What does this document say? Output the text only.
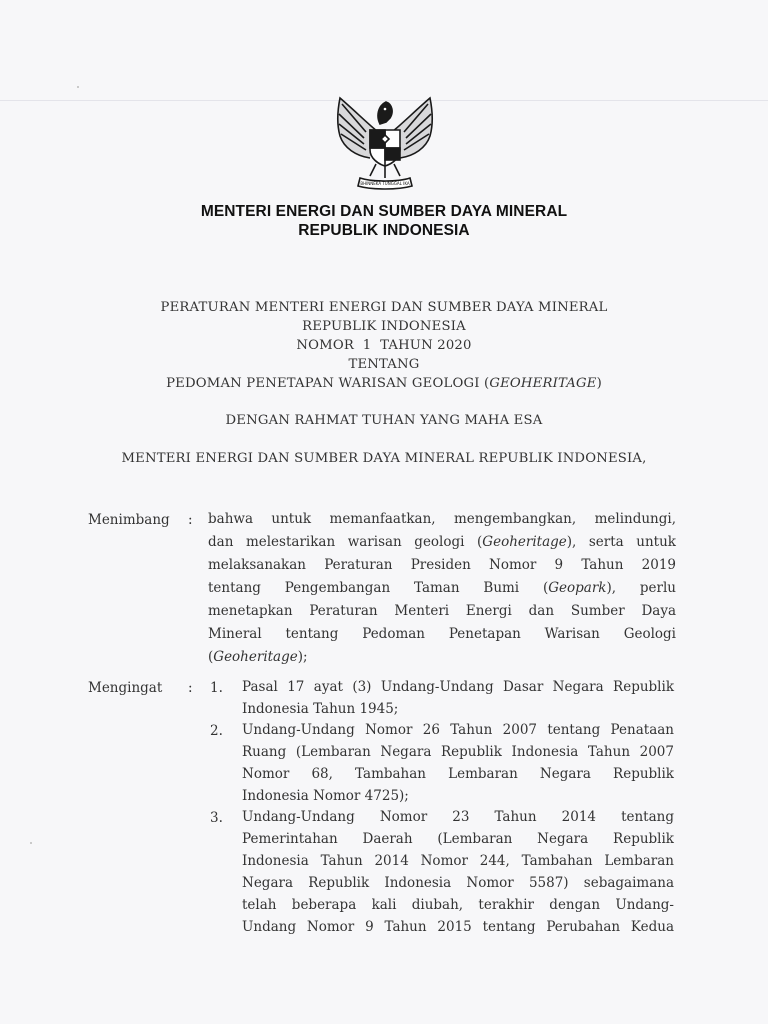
BHINNEKA TUNGGAL IKA
MENTERI ENERGI DAN SUMBER DAYA MINERAL
REPUBLIK INDONESIA
PERATURAN MENTERI ENERGI DAN SUMBER DAYA MINERAL
REPUBLIK INDONESIA
NOMOR  1  TAHUN 2020
TENTANG
PEDOMAN PENETAPAN WARISAN GEOLOGI (GEOHERITAGE)
DENGAN RAHMAT TUHAN YANG MAHA ESA
MENTERI ENERGI DAN SUMBER DAYA MINERAL REPUBLIK INDONESIA,
Menimbang : bahwa untuk memanfaatkan, mengembangkan, melindungi,
dan melestarikan warisan geologi (Geoheritage), serta untuk
melaksanakan Peraturan Presiden Nomor 9 Tahun 2019
tentang Pengembangan Taman Bumi (Geopark), perlu
menetapkan Peraturan Menteri Energi dan Sumber Daya
Mineral tentang Pedoman Penetapan Warisan Geologi
(Geoheritage);
Mengingat : 1. Pasal 17 ayat (3) Undang-Undang Dasar Negara Republik
Indonesia Tahun 1945;
2. Undang-Undang Nomor 26 Tahun 2007 tentang Penataan
Ruang (Lembaran Negara Republik Indonesia Tahun 2007
Nomor 68, Tambahan Lembaran Negara Republik
Indonesia Nomor 4725);
3. Undang-Undang Nomor 23 Tahun 2014 tentang
Pemerintahan Daerah (Lembaran Negara Republik
Indonesia Tahun 2014 Nomor 244, Tambahan Lembaran
Negara Republik Indonesia Nomor 5587) sebagaimana
telah beberapa kali diubah, terakhir dengan Undang-
Undang Nomor 9 Tahun 2015 tentang Perubahan Kedua
